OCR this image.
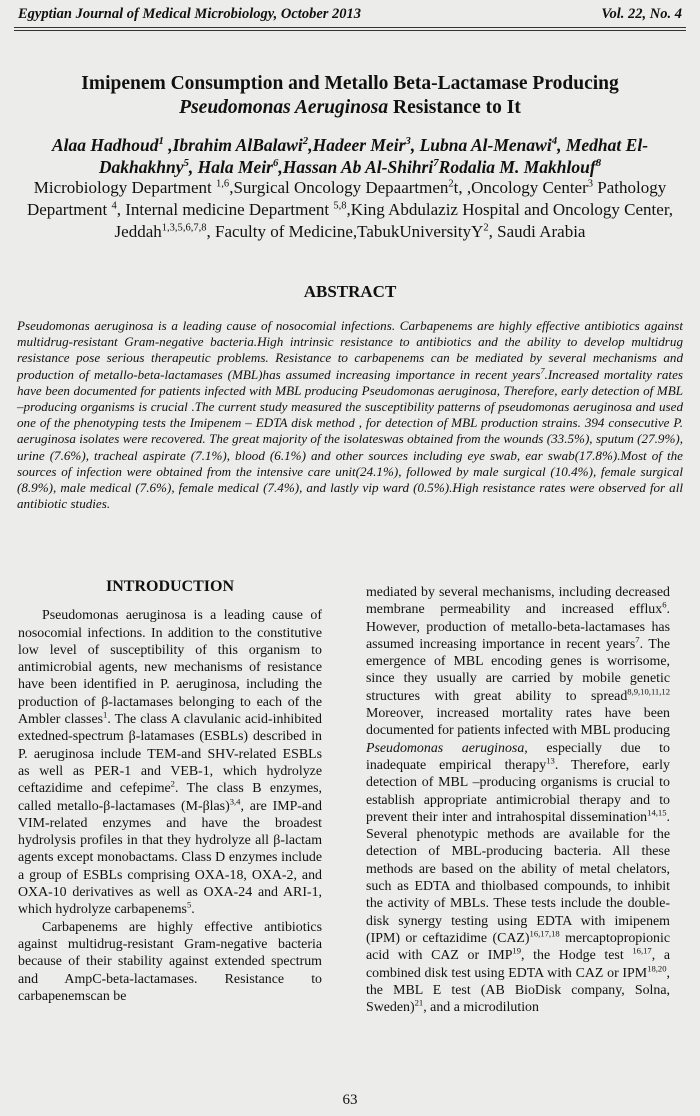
Egyptian Journal of Medical Microbiology, October 2013	Vol. 22, No. 4
Imipenem Consumption and Metallo Beta-Lactamase Producing
Pseudomonas Aeruginosa Resistance to It
Alaa Hadhoud$^1$ ,Ibrahim AlBalawi$^2$,Hadeer Meir$^3$, Lubna Al-Menawi$^4$, Medhat El-Dakhakhny$^5$, Hala Meir$^6$,Hassan Ab Al-Shihri$^7$Rodalia M. Makhlouf$^8$
Microbiology Department $^{1,6}$,Surgical Oncology Depaartmen$^2$t, ,Oncology Center$^3$ Pathology Department $^4$, Internal medicine Department $^{5,8}$,King Abdulaziz Hospital and Oncology Center, Jeddah$^{1,3,5,6,7,8}$, Faculty of Medicine,TabukUniversityY$^2$, Saudi Arabia
ABSTRACT
Pseudomonas aeruginosa is a leading cause of nosocomial infections. Carbapenems are highly effective antibiotics against multidrug-resistant Gram-negative bacteria.High intrinsic resistance to antibiotics and the ability to develop multidrug resistance pose serious therapeutic problems. Resistance to carbapenems can be mediated by several mechanisms and production of metallo-beta-lactamases (MBL)has assumed increasing importance in recent years$^7$.Increased mortality rates have been documented for patients infected with MBL producing Pseudomonas aeruginosa, Therefore, early detection of MBL –producing organisms is crucial .The current study measured the susceptibility patterns of pseudomonas aeruginosa and used one of the phenotyping tests the Imipenem – EDTA disk method , for detection of MBL production strains. 394 consecutive P. aeruginosa isolates were recovered. The great majority of the isolateswas obtained from the wounds (33.5%), sputum (27.9%), urine (7.6%), tracheal aspirate (7.1%), blood (6.1%) and other sources including eye swab, ear swab(17.8%).Most of the sources of infection were obtained from the intensive care unit(24.1%), followed by male surgical (10.4%), female surgical (8.9%), male medical (7.6%), female medical (7.4%), and lastly vip ward (0.5%).High resistance rates were observed for all antibiotic studies.
INTRODUCTION

Pseudomonas aeruginosa is a leading cause of nosocomial infections. In addition to the constitutive low level of susceptibility of this organism to antimicrobial agents, new mechanisms of resistance have been identified in P. aeruginosa, including the production of β-lactamases belonging to each of the Ambler classes$^1$. The class A clavulanic acid-inhibited extedned-spectrum β-latamases (ESBLs) described in P. aeruginosa include TEM-and SHV-related ESBLs as well as PER-1 and VEB-1, which hydrolyze ceftazidime and cefepime$^2$. The class B enzymes, called metallo-β-lactamases $(M-\beta las)^{3,4}$, are IMP-and VIM-related enzymes and have the broadest hydrolysis profiles in that they hydrolyze all β-lactam agents except monobactams. Class D enzymes include a group of ESBLs comprising OXA-18, OXA-2, and OXA-10 derivatives as well as OXA-24 and ARI-1, which hydrolyze carbapenems$^5$.

Carbapenems are highly effective antibiotics against multidrug-resistant Gram-negative bacteria because of their stability against extended spectrum and AmpC-beta-lactamases. Resistance to carbapenemscan be

mediated by several mechanisms, including decreased membrane permeability and increased efflux$^6$. However, production of metallo-beta-lactamases has assumed increasing importance in recent years$^7$. The emergence of MBL encoding genes is worrisome, since they usually are carried by mobile genetic structures with great ability to spread$^{8,9,10,11,12}$ Moreover, increased mortality rates have been documented for patients infected with MBL producing Pseudomonas aeruginosa, especially due to inadequate empirical therapy$^{13}$. Therefore, early detection of MBL –producing organisms is crucial to establish appropriate antimicrobial therapy and to prevent their inter and intrahospital dissemination$^{14,15}$. Several phenotypic methods are available for the detection of MBL-producing bacteria. All these methods are based on the ability of metal chelators, such as EDTA and thiolbased compounds, to inhibit the activity of MBLs. These tests include the double-disk synergy testing using EDTA with imipenem (IPM) or ceftazidime (CAZ)$^{16,17,18}$ mercaptopropionic acid with CAZ or IMP$^{19}$, the Hodge test $^{16,17}$, a combined disk test using EDTA with CAZ or IPM$^{18,20}$, the MBL E test (AB BioDisk company, Solna, Sweden)$^{21}$, and a microdilution

63
